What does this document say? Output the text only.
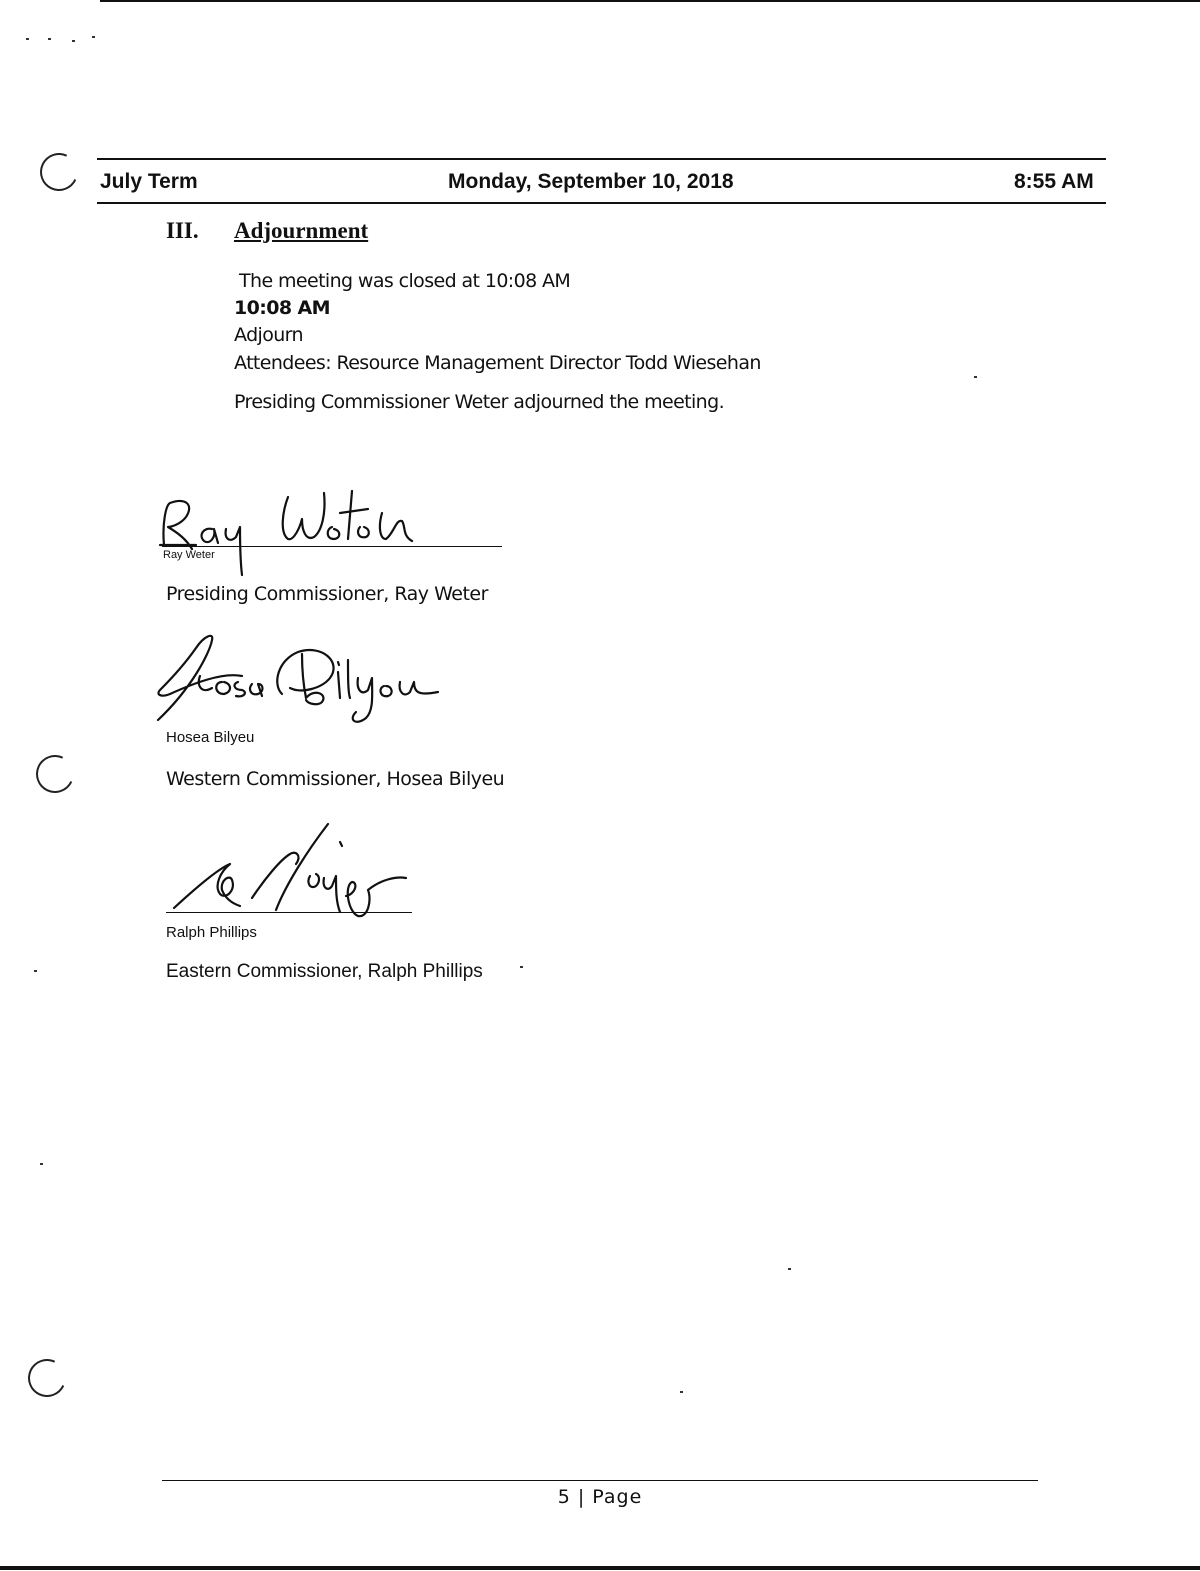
July Term	Monday, September 10, 2018	8:55 AM
III. Adjournment
The meeting was closed at 10:08 AM
10:08 AM
Adjourn
Attendees: Resource Management Director Todd Wiesehan
Presiding Commissioner Weter adjourned the meeting.
Ray Weter
Presiding Commissioner, Ray Weter
Hosea Bilyeu
Western Commissioner, Hosea Bilyeu
Ralph Phillips
Eastern Commissioner, Ralph Phillips
5 | Page
